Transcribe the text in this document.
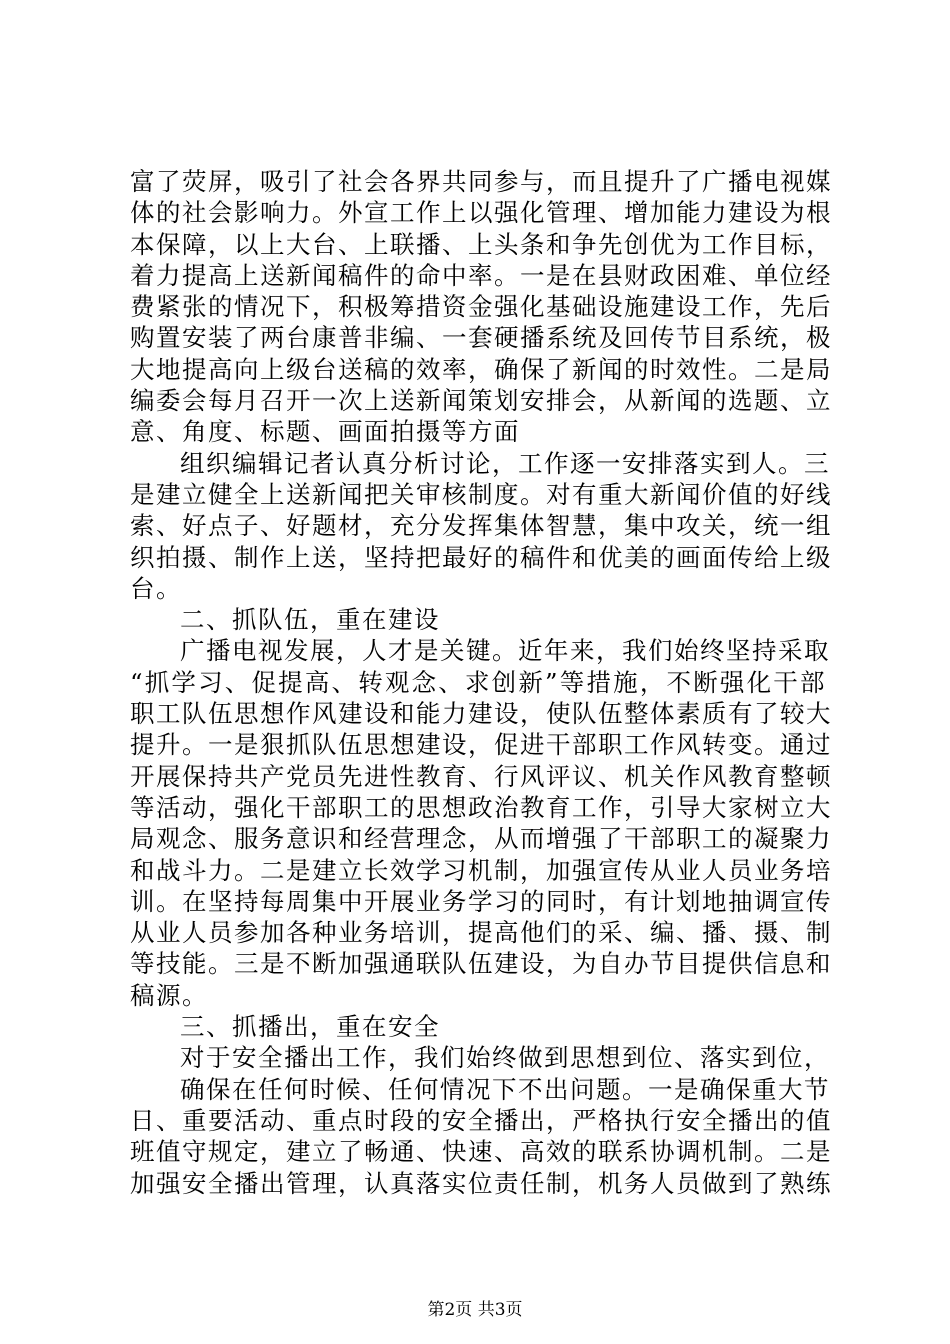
富了荧屏，吸引了社会各界共同参与，而且提升了广播电视媒
体的社会影响力。外宣工作上以强化管理、增加能力建设为根
本保障，以上大台、上联播、上头条和争先创优为工作目标，
着力提高上送新闻稿件的命中率。一是在县财政困难、单位经
费紧张的情况下，积极筹措资金强化基础设施建设工作，先后
购置安装了两台康普非编、一套硬播系统及回传节目系统，极
大地提高向上级台送稿的效率，确保了新闻的时效性。二是局
编委会每月召开一次上送新闻策划安排会，从新闻的选题、立
意、角度、标题、画面拍摄等方面
组织编辑记者认真分析讨论，工作逐一安排落实到人。三
是建立健全上送新闻把关审核制度。对有重大新闻价值的好线
索、好点子、好题材，充分发挥集体智慧，集中攻关，统一组
织拍摄、制作上送，坚持把最好的稿件和优美的画面传给上级
台。
二、抓队伍，重在建设
广播电视发展，人才是关键。近年来，我们始终坚持采取
“抓学习、促提高、转观念、求创新”等措施，不断强化干部
职工队伍思想作风建设和能力建设，使队伍整体素质有了较大
提升。一是狠抓队伍思想建设，促进干部职工作风转变。通过
开展保持共产党员先进性教育、行风评议、机关作风教育整顿
等活动，强化干部职工的思想政治教育工作，引导大家树立大
局观念、服务意识和经营理念，从而增强了干部职工的凝聚力
和战斗力。二是建立长效学习机制，加强宣传从业人员业务培
训。在坚持每周集中开展业务学习的同时，有计划地抽调宣传
从业人员参加各种业务培训，提高他们的采、编、播、摄、制
等技能。三是不断加强通联队伍建设，为自办节目提供信息和
稿源。
三、抓播出，重在安全
对于安全播出工作，我们始终做到思想到位、落实到位，
确保在任何时候、任何情况下不出问题。一是确保重大节
日、重要活动、重点时段的安全播出，严格执行安全播出的值
班值守规定，建立了畅通、快速、高效的联系协调机制。二是
加强安全播出管理，认真落实位责任制，机务人员做到了熟练
第2页 共3页
